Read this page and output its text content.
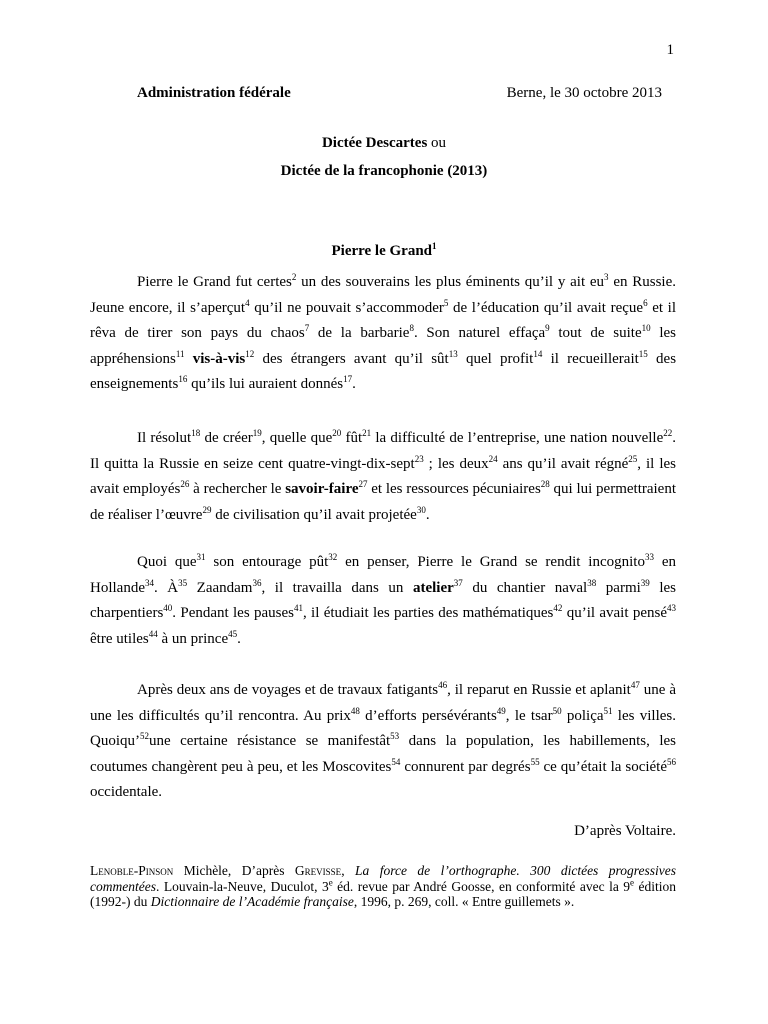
1
Administration fédérale	Berne, le 30 octobre 2013
Dictée Descartes ou
Dictée de la francophonie (2013)
Pierre le Grand$^1$

Pierre le Grand fut certes$^2$ un des souverains les plus éminents qu’il y ait $eu^3$ en Russie. Jeune encore, il s’aperçut$^4$ qu’il ne pouvait s’accommoder$^5$ de l’éducation qu’il avait reçue$^6$ et il rêva de tirer son pays du chaos$^7$ de la barbarie$^8$. Son naturel effaça$^9$ tout de suite$^{10}$ les appréhensions$^{11}$ vis-à-vis$^{12}$ des étrangers avant qu’il sût$^{13}$ quel profit$^{14}$ il recueillerait$^{15}$ des enseignements$^{16}$ qu’ils lui auraient donnés$^{17}$.

Il résolut$^{18}$ de créer$^{19}$, quelle que$^{20}$ fût$^{21}$ la difficulté de l’entreprise, une nation nouvelle$^{22}$. Il quitta la Russie en seize cent quatre-vingt-dix-sept$^{23}$ ; les deux$^{24}$ ans qu’il avait régné$^{25}$, il les avait employés$^{26}$ à rechercher le savoir-faire$^{27}$ et les ressources pécuniaires$^{28}$ qui lui permettraient de réaliser l’œuvre$^{29}$ de civilisation qu’il avait projetée$^{30}$.

Quoi que$^{31}$ son entourage pût$^{32}$ en penser, Pierre le Grand se rendit incognito$^{33}$ en Hollande$^{34}$. $À^{35}$ Zaandam$^{36}$, il travailla dans un atelier$^{37}$ du chantier naval$^{38}$ parmi$^{39}$ les charpentiers$^{40}$. Pendant les pauses$^{41}$, il étudiait les parties des mathématiques$^{42}$ qu’il avait pensé$^{43}$ être utiles$^{44}$ à un prince$^{45}$.

Après deux ans de voyages et de travaux fatigants$^{46}$, il reparut en Russie et aplanit$^{47}$ une à une les difficultés qu’il rencontra. Au prix$^{48}$ d’efforts persévérants$^{49}$, le tsar$^{50}$ poliça$^{51}$ les villes. Quoiqu’$^{52}$une certaine résistance se manifestât$^{53}$ dans la population, les habillements, les coutumes changèrent peu à peu, et les Moscovites$^{54}$ connurent par degrés$^{55}$ ce qu’était la société$^{56}$ occidentale.

D’après Voltaire.
Lenoble-Pinson Michèle, D’après Grevisse, La force de l’orthographe. 300 dictées progressives commentées. Louvain-la-Neuve, Duculot, 3e éd. revue par André Goosse, en conformité avec la 9e édition (1992-) du Dictionnaire de l’Académie française, 1996, p. 269, coll. « Entre guillemets ».
